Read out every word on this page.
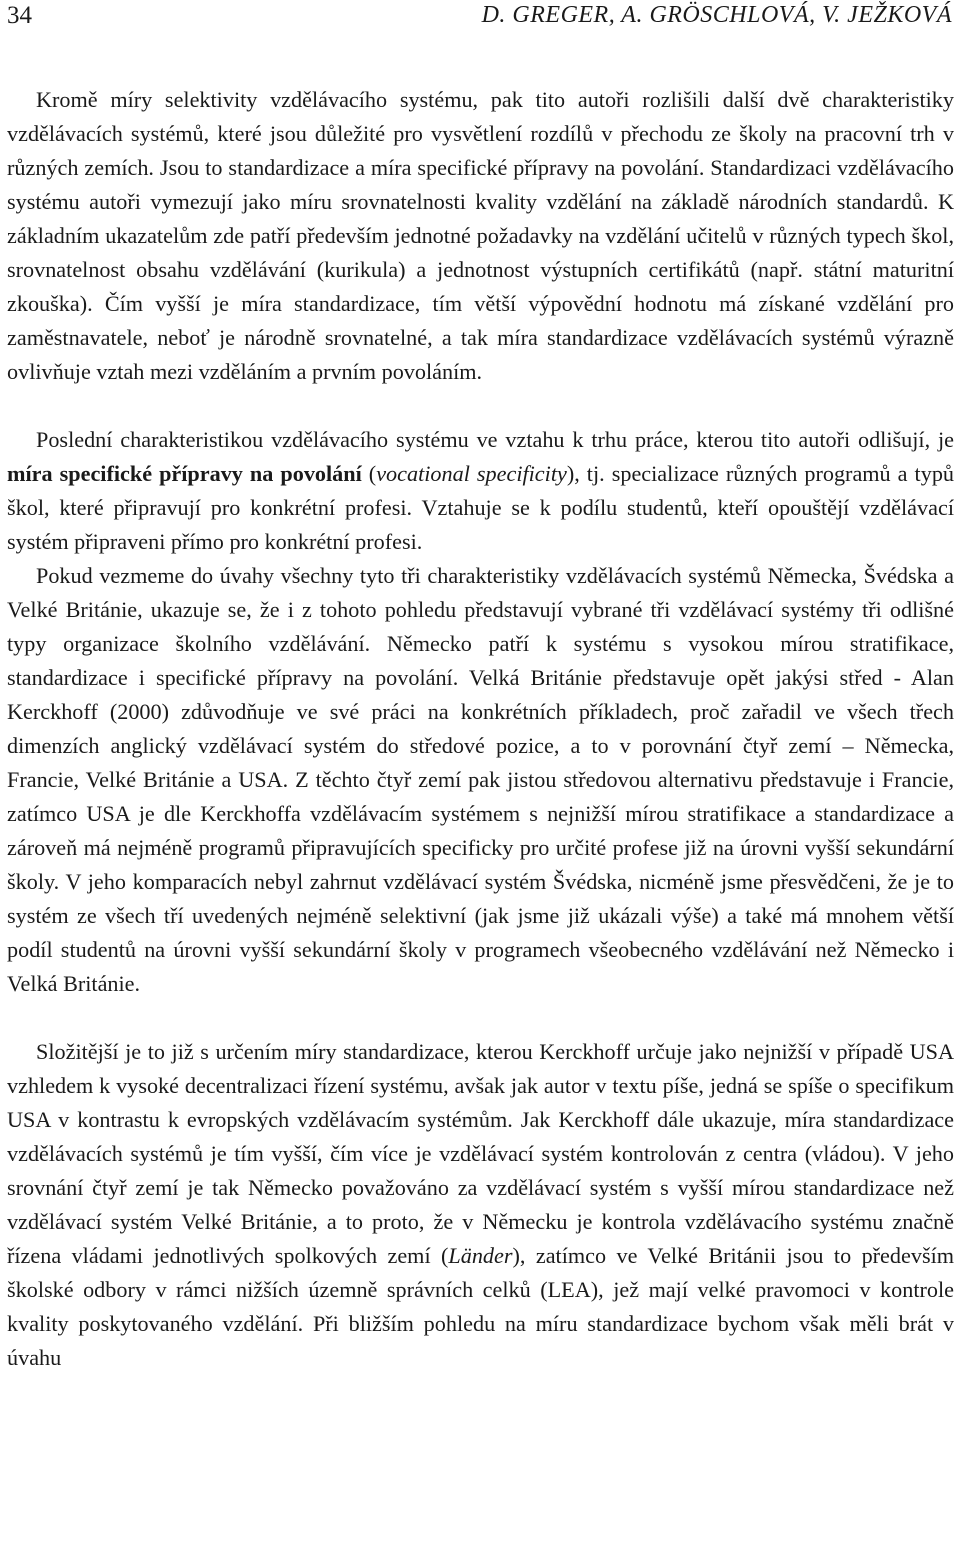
34	D. GREGER, A. GRÖSCHLOVÁ, V. JEŽKOVÁ

Kromě míry selektivity vzdělávacího systému, pak tito autoři rozlišili další dvě charakteristiky vzdělávacích systémů, které jsou důležité pro vysvětlení rozdílů v přechodu ze školy na pracovní trh v různých zemích. Jsou to standardizace a míra specifické přípravy na povolání. Standardizaci vzdělávacího systému autoři vymezují jako míru srovnatelnosti kvality vzdělání na základě národních standardů. K základním ukazatelům zde patří především jednotné požadavky na vzdělání učitelů v různých typech škol, srovnatelnost obsahu vzdělávání (kurikula) a jednotnost výstupních certifikátů (např. státní maturitní zkouška). Čím vyšší je míra standardizace, tím větší výpovědní hodnotu má získané vzdělání pro zaměstnavatele, neboť je národně srovnatelné, a tak míra standardizace vzdělávacích systémů výrazně ovlivňuje vztah mezi vzděláním a prvním povoláním.

Poslední charakteristikou vzdělávacího systému ve vztahu k trhu práce, kterou tito autoři odlišují, je míra specifické přípravy na povolání (vocational specificity), tj. specializace různých programů a typů škol, které připravují pro konkrétní profesi. Vztahuje se k podílu studentů, kteří opouštějí vzdělávací systém připraveni přímo pro konkrétní profesi.

Pokud vezmeme do úvahy všechny tyto tři charakteristiky vzdělávacích systémů Německa, Švédska a Velké Británie, ukazuje se, že i z tohoto pohledu představují vybrané tři vzdělávací systémy tři odlišné typy organizace školního vzdělávání. Německo patří k systému s vysokou mírou stratifikace, standardizace i specifické přípravy na povolání. Velká Británie představuje opět jakýsi střed - Alan Kerckhoff (2000) zdůvodňuje ve své práci na konkrétních příkladech, proč zařadil ve všech třech dimenzích anglický vzdělávací systém do středové pozice, a to v porovnání čtyř zemí – Německa, Francie, Velké Británie a USA. Z těchto čtyř zemí pak jistou středovou alternativu představuje i Francie, zatímco USA je dle Kerckhoffa vzdělávacím systémem s nejnižší mírou stratifikace a standardizace a zároveň má nejméně programů připravujících specificky pro určité profese již na úrovni vyšší sekundární školy. V jeho komparacích nebyl zahrnut vzdělávací systém Švédska, nicméně jsme přesvědčeni, že je to systém ze všech tří uvedených nejméně selektivní (jak jsme již ukázali výše) a také má mnohem větší podíl studentů na úrovni vyšší sekundární školy v programech všeobecného vzdělávání než Německo i Velká Británie.

Složitější je to již s určením míry standardizace, kterou Kerckhoff určuje jako nejnižší v případě USA vzhledem k vysoké decentralizaci řízení systému, avšak jak autor v textu píše, jedná se spíše o specifikum USA v kontrastu k evropských vzdělávacím systémům. Jak Kerckhoff dále ukazuje, míra standardizace vzdělávacích systémů je tím vyšší, čím více je vzdělávací systém kontrolován z centra (vládou). V jeho srovnání čtyř zemí je tak Německo považováno za vzdělávací systém s vyšší mírou standardizace než vzdělávací systém Velké Británie, a to proto, že v Německu je kontrola vzdělávacího systému značně řízena vládami jednotlivých spolkových zemí (Länder), zatímco ve Velké Británii jsou to především školské odbory v rámci nižších územně správních celků (LEA), jež mají velké pravomoci v kontrole kvality poskytovaného vzdělání. Při bližším pohledu na míru standardizace bychom však měli brát v úvahu
